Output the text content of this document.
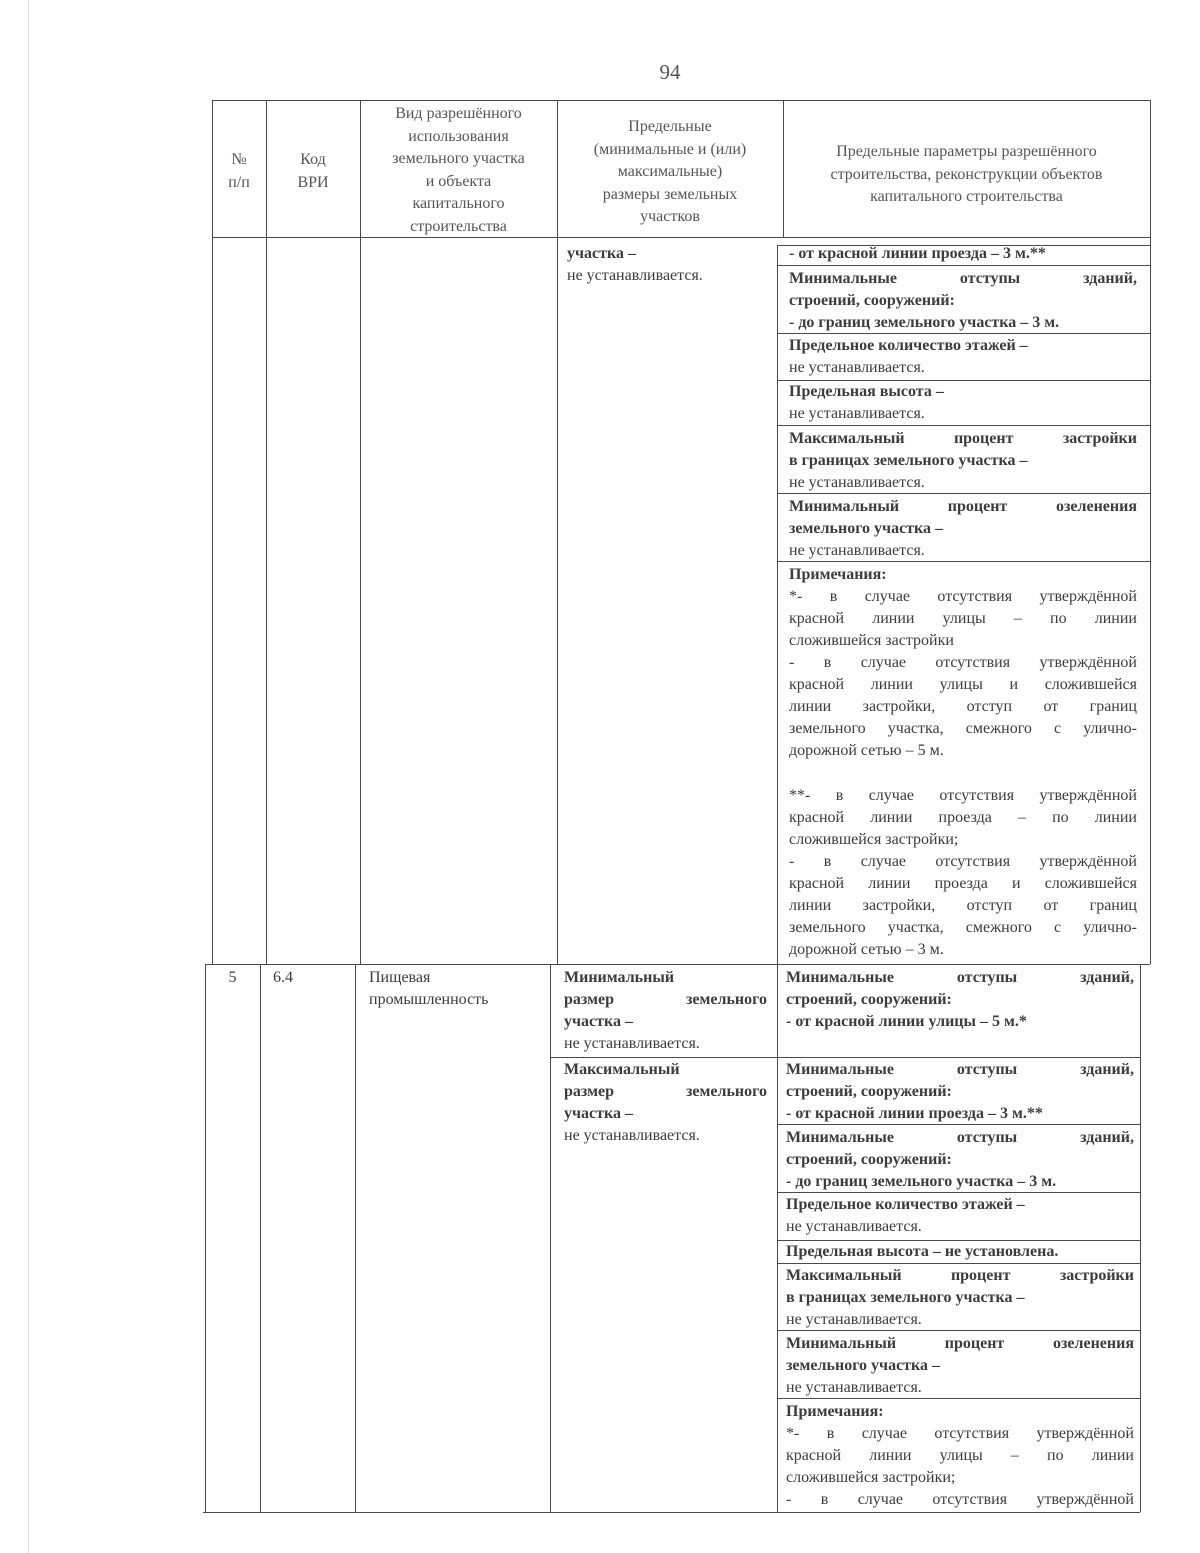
94
№
п/п
Код
ВРИ
Вид разрешённого
использования
земельного участка
и объекта
капитального
строительства
Предельные
(минимальные и (или)
максимальные)
размеры земельных
участков
Предельные параметры разрешённого
строительства, реконструкции объектов
капитального строительства
участка –
не устанавливается.
- от красной линии проезда – 3 м.**
Минимальные отступы зданий,
строений, сооружений:
- до границ земельного участка – 3 м.
Предельное количество этажей –
не устанавливается.
Предельная высота –
не устанавливается.
Максимальный процент застройки
в границах земельного участка –
не устанавливается.
Минимальный процент озеленения
земельного участка –
не устанавливается.
Примечания:
*- в случае отсутствия утверждённой
красной линии улицы – по линии
сложившейся застройки
- в случае отсутствия утверждённой
красной линии улицы и сложившейся
линии застройки, отступ от границ
земельного участка, смежного с улично-
дорожной сетью – 5 м.
**- в случае отсутствия утверждённой
красной линии проезда – по линии
сложившейся застройки;
- в случае отсутствия утверждённой
красной линии проезда и сложившейся
линии застройки, отступ от границ
земельного участка, смежного с улично-
дорожной сетью – 3 м.
5	6.4	Пищевая
промышленность
Минимальный
размер земельного
участка –
не устанавливается.
Максимальный
размер земельного
участка –
не устанавливается.
Минимальные отступы зданий,
строений, сооружений:
- от красной линии улицы – 5 м.*
Минимальные отступы зданий,
строений, сооружений:
- от красной линии проезда – 3 м.**
Минимальные отступы зданий,
строений, сооружений:
- до границ земельного участка – 3 м.
Предельное количество этажей –
не устанавливается.
Предельная высота – не установлена.
Максимальный процент застройки
в границах земельного участка –
не устанавливается.
Минимальный процент озеленения
земельного участка –
не устанавливается.
Примечания:
*- в случае отсутствия утверждённой
красной линии улицы – по линии
сложившейся застройки;
- в случае отсутствия утверждённой
